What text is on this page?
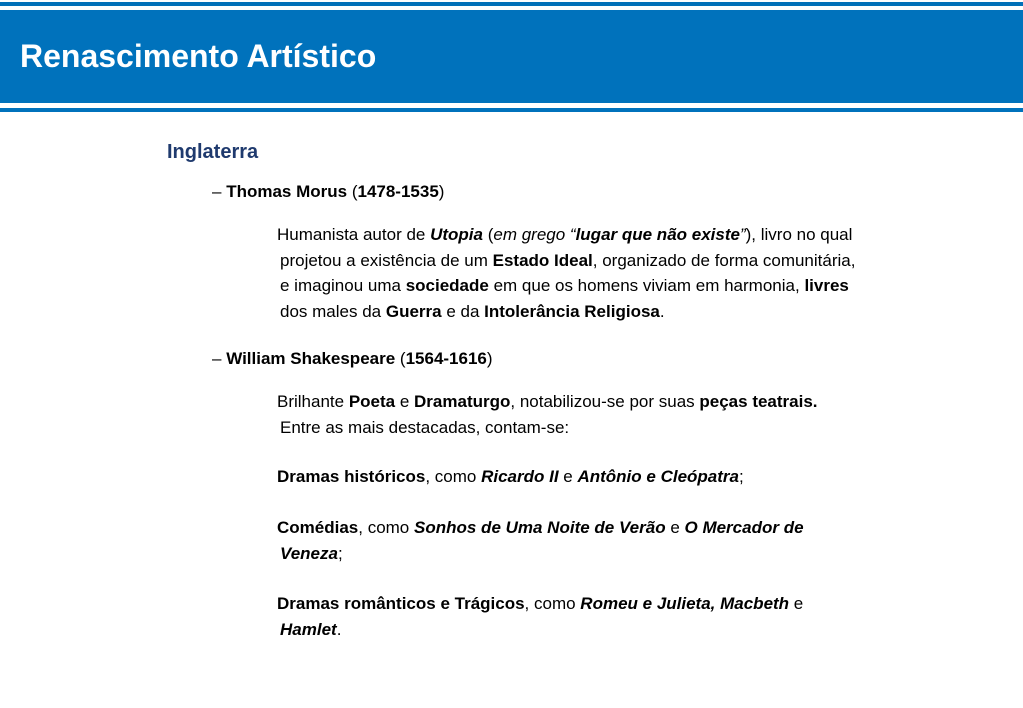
Renascimento Artístico
Inglaterra
– Thomas Morus (1478-1535)
Humanista autor de Utopia (em grego “lugar que não existe”), livro no qual
projetou a existência de um Estado Ideal, organizado de forma comunitária,
e imaginou uma sociedade em que os homens viviam em harmonia, livres
dos males da Guerra e da Intolerância Religiosa.
– William Shakespeare (1564-1616)
Brilhante Poeta e Dramaturgo, notabilizou-se por suas peças teatrais.
Entre as mais destacadas, contam-se:
Dramas históricos, como Ricardo II e Antônio e Cleópatra;
Comédias, como Sonhos de Uma Noite de Verão e O Mercador de
Veneza;
Dramas românticos e Trágicos, como Romeu e Julieta, Macbeth e
Hamlet.
